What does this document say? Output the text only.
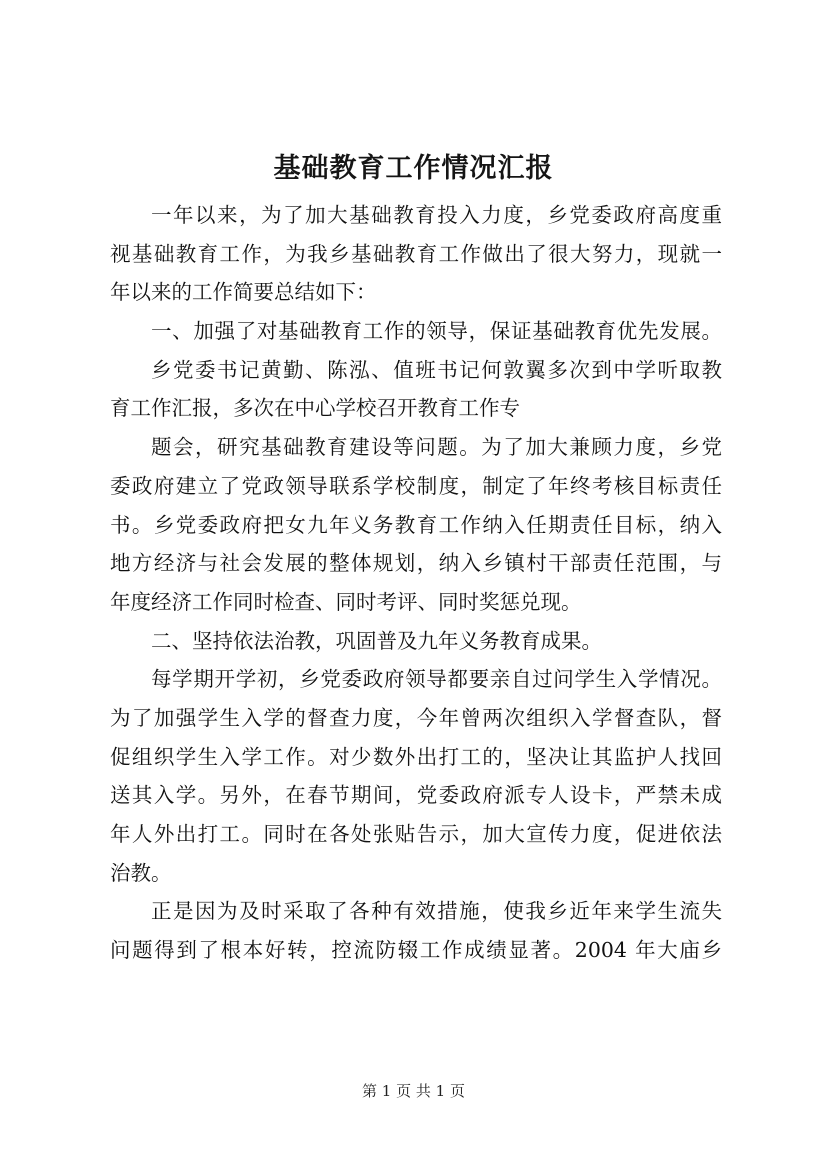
基础教育工作情况汇报
一年以来，为了加大基础教育投入力度，乡党委政府高度重
视基础教育工作，为我乡基础教育工作做出了很大努力，现就一
年以来的工作简要总结如下：
一、加强了对基础教育工作的领导，保证基础教育优先发展。
乡党委书记黄勤、陈泓、值班书记何敦翼多次到中学听取教
育工作汇报，多次在中心学校召开教育工作专
题会，研究基础教育建设等问题。为了加大兼顾力度，乡党
委政府建立了党政领导联系学校制度，制定了年终考核目标责任
书。乡党委政府把女九年义务教育工作纳入任期责任目标，纳入
地方经济与社会发展的整体规划，纳入乡镇村干部责任范围，与
年度经济工作同时检查、同时考评、同时奖惩兑现。
二、坚持依法治教，巩固普及九年义务教育成果。
每学期开学初，乡党委政府领导都要亲自过问学生入学情况。
为了加强学生入学的督查力度，今年曾两次组织入学督查队，督
促组织学生入学工作。对少数外出打工的，坚决让其监护人找回
送其入学。另外，在春节期间，党委政府派专人设卡，严禁未成
年人外出打工。同时在各处张贴告示，加大宣传力度，促进依法
治教。
正是因为及时采取了各种有效措施，使我乡近年来学生流失
问题得到了根本好转，控流防辍工作成绩显著。2004 年大庙乡
第 1 页 共 1 页
